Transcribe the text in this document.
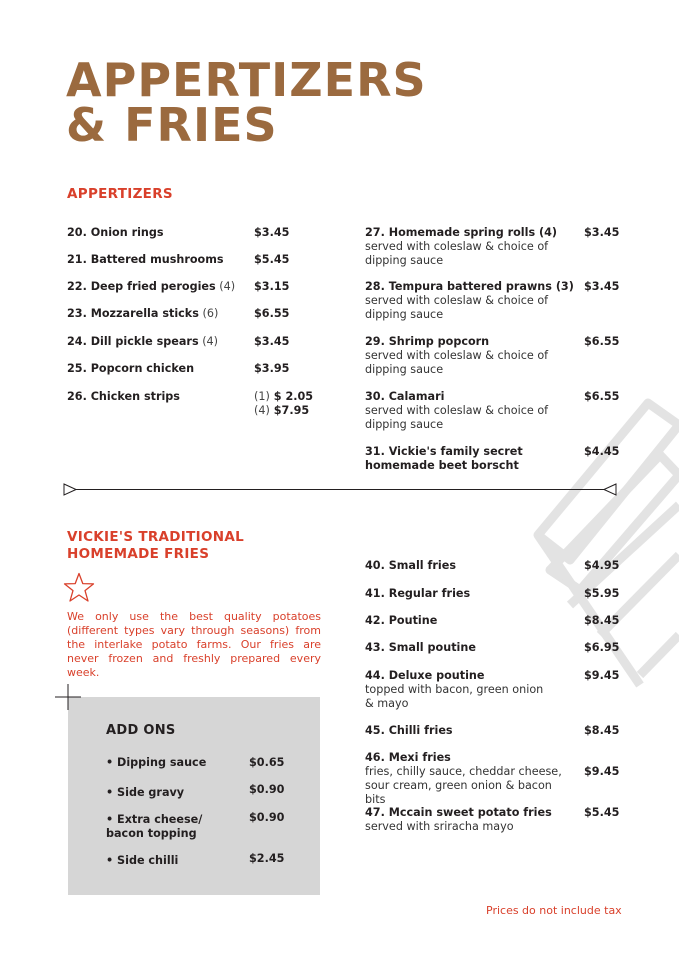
APPERTIZERS
& FRIES
APPERTIZERS
20. Onion rings	$3.45
21. Battered mushrooms	$5.45
22. Deep fried perogies (4) $3.15
23. Mozzarella sticks (6)	$6.55
24. Dill pickle spears (4)	$3.45
25. Popcorn chicken	$3.95
26. Chicken strips	(1) $ 2.05
(4) $7.95
27. Homemade spring rolls (4)
served with coleslaw & choice of dipping sauce
$3.45
28. Tempura battered prawns (3)
served with coleslaw & choice of dipping sauce
$3.45
29. Shrimp popcorn
served with coleslaw & choice of dipping sauce
$6.55
30. Calamari
served with coleslaw & choice of dipping sauce
$6.55
31. Vickie's family secret homemade beet borscht
$4.45
VICKIE'S TRADITIONAL HOMEMADE FRIES
We only use the best quality potatoes (different types vary through seasons) from the interlake potato farms. Our fries are never frozen and freshly prepared every week.
40. Small fries	$4.95
41. Regular fries	$5.95
42. Poutine	$8.45
43. Small poutine	$6.95
44. Deluxe poutine
topped with bacon, green onion & mayo
$9.45
45. Chilli fries	$8.45
46. Mexi fries
fries, chilly sauce, cheddar cheese, sour cream, green onion & bacon bits
$9.45
47. Mccain sweet potato fries
served with sriracha mayo
$5.45
ADD ONS
• Dipping sauce	$0.65
• Side gravy	$0.90
• Extra cheese/ bacon topping
$0.90
• Side chilli	$2.45
Prices do not include tax
